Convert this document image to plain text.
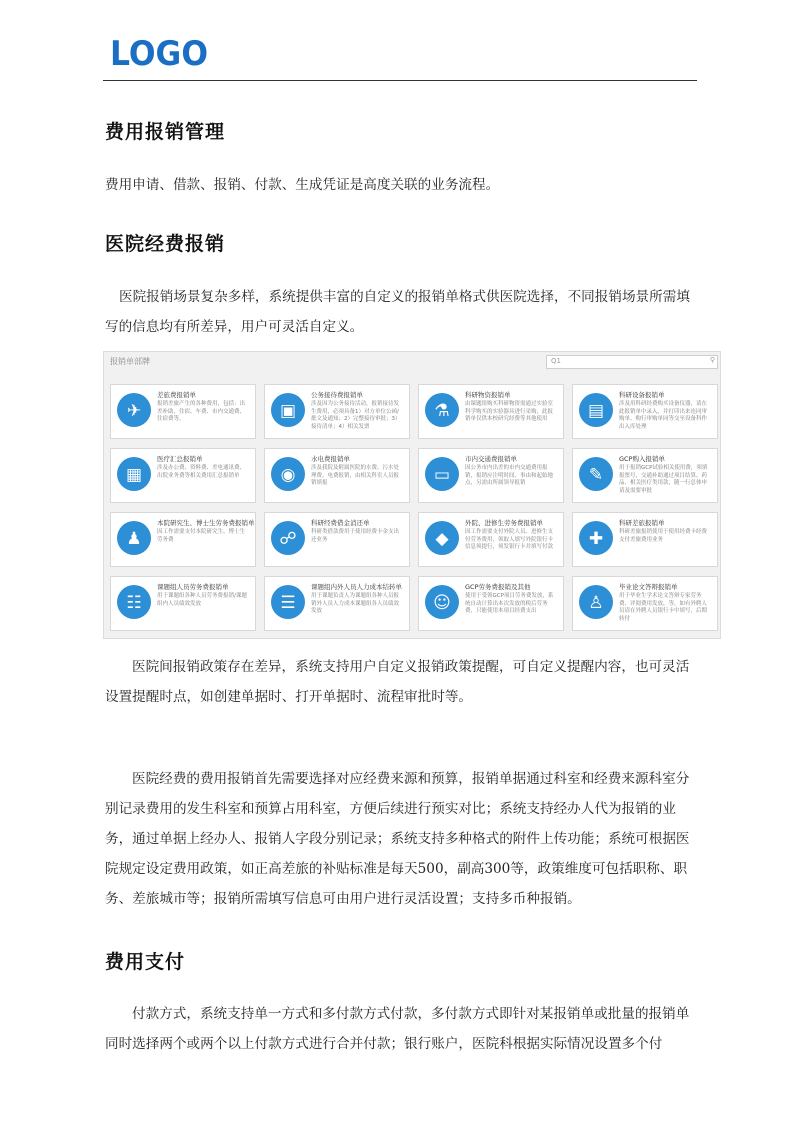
LOGO
费用报销管理
费用申请、借款、报销、付款、生成凭证是高度关联的业务流程。
医院经费报销
医院报销场景复杂多样，系统提供丰富的自定义的报销单格式供医院选择，不同报销场景所需填写的信息均有所差异，用户可灵活自定义。
报销单部牌	Q1	⚲
✈
差旅费报销单
报销差旅产生的各种费用，包括：出差补助、住宿、车费、市内交通费、住宿费等。	▣
公务接待费报销单
涉及因为公务接待活动，报销接待发生费用，必须具备1）对方单位公函/批文及通知；2）完整接待审批；3）接待清单；4）相关发票
⚗
科研物资报销单
由课题组购买科研物资需通过实验室科学购买的实验器具进行采购，此报销单仅供本校研究经费等其他使用	▤
科研设备报销单
涉及用科研经费购买设备仪器，请在此报销单中录入，并打印出来连同审购单、购行审购单同等交至设备科作出入库处理
▦
医疗汇总报销单
涉及办公费、资料费、差电通讯费、出院业务费等相关费用汇总报销单	◉
水电费报销单
涉及我院及附属医院的水费、污水处理费、电费报销，由相关科室人员报销填报	▭
市内交通费报销单
因公务市内出差的市内交通费用报销，报销应注明时间、事由和起始地点，另需由所属领导报销	✎
GCP购入报销单
用于报销GCP试验相关使用费，须填报票号，交通补助通过项目结算、药品、相关医疗类用款，随一行总体申请及需要审批
♟
本院研究生、博士生劳务费报销单
因工作需要支付本院研究生、博士生劳务费	☍
科研经费借金消还单
科研类借款费用于使用经费卡金支出还业务	◆
外院、进修生劳务费报销单
因工作需要支付外院人员、进修生支付劳务费用，领取人填写外院银行卡信息须提行，须发银行卡并填写付款 ✚
科研差旅报销单
科研差旅报销使用于使用经费卡经费支付差旅费用业务
☷
课题组人员劳务费报销单
用于课题组各种人员劳务费报销/课题组内人员绩效发放	☰
课题组内外人员人力成本结转单
用于课题负责人为课题组各种人员报销外人员人力成本课题组各人员绩效发放	☺
GCP劳务费报销及其他
使用于受领GCP项目劳务费发放，系统自动计算出本次发放的税后劳务费，只能使用本项目经费支出	♙
毕业论文答辩报销单
用于毕业生学术论文答辩专家劳务费、评阅费用发放，等，如有外聘人员请在外聘人员银行卡中填写，后期转付
医院间报销政策存在差异，系统支持用户自定义报销政策提醒，可自定义提醒内容，也可灵活设置提醒时点，如创建单据时、打开单据时、流程审批时等。
医院经费的费用报销首先需要选择对应经费来源和预算，报销单据通过科室和经费来源科室分别记录费用的发生科室和预算占用科室，方便后续进行预实对比；系统支持经办人代为报销的业务，通过单据上经办人、报销人字段分别记录；系统支持多种格式的附件上传功能；系统可根据医院规定设定费用政策，如正高差旅的补贴标准是每天500，副高300等，政策维度可包括职称、职务、差旅城市等；报销所需填写信息可由用户进行灵活设置；支持多币种报销。
费用支付
付款方式，系统支持单一方式和多付款方式付款，多付款方式即针对某报销单或批量的报销单同时选择两个或两个以上付款方式进行合并付款；银行账户，医院科根据实际情况设置多个付
